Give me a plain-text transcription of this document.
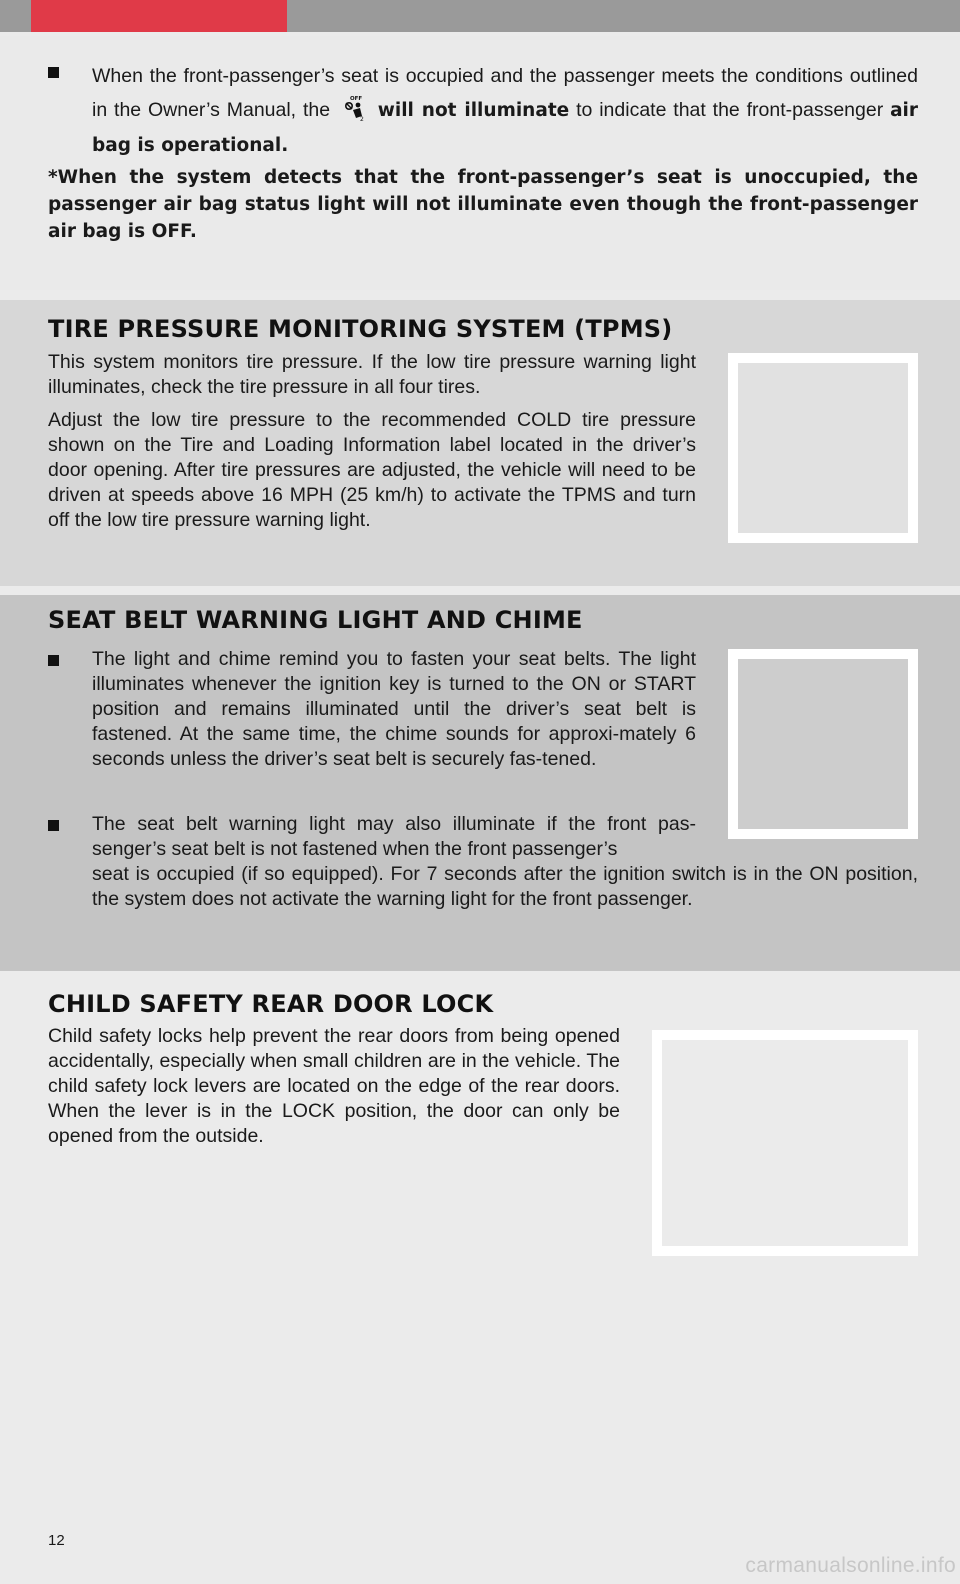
When the front-passenger’s seat is occupied and the passenger meets the conditions outlined in the Owner’s Manual, the	OFF
2 will not illuminate to indicate that the front-passenger air bag is operational.

*When the system detects that the front-passenger’s seat is unoccupied, the passenger air bag status light will not illuminate even though the front-passenger air bag is OFF.

TIRE PRESSURE MONITORING SYSTEM (TPMS)

This system monitors tire pressure. If the low tire pressure warning light illuminates, check the tire pressure in all four tires.

Adjust the low tire pressure to the recommended COLD tire pressure shown on the Tire and Loading Information label located in the driver’s door opening. After tire pressures are adjusted, the vehicle will need to be driven at speeds above 16 MPH (25 km/h) to activate the TPMS and turn off the low tire pressure warning light.

SEAT BELT WARNING LIGHT AND CHIME
The light and chime remind you to fasten your seat belts. The light illuminates whenever the ignition key is turned to the ON or START position and remains illuminated until the driver’s seat belt is fastened. At the same time, the chime sounds for approxi-mately 6 seconds unless the driver’s seat belt is securely fas-tened.
The seat belt warning light may also illuminate if the front pas-senger’s seat belt is not fastened when the front passenger’s
seat is occupied (if so equipped). For 7 seconds after the ignition switch is in the ON position, the system does not activate the warning light for the front passenger.
CHILD SAFETY REAR DOOR LOCK

Child safety locks help prevent the rear doors from being opened accidentally, especially when small children are in the vehicle. The child safety lock levers are located on the edge of the rear doors. When the lever is in the LOCK position, the door can only be opened from the outside.

12
carmanualsonline.info
